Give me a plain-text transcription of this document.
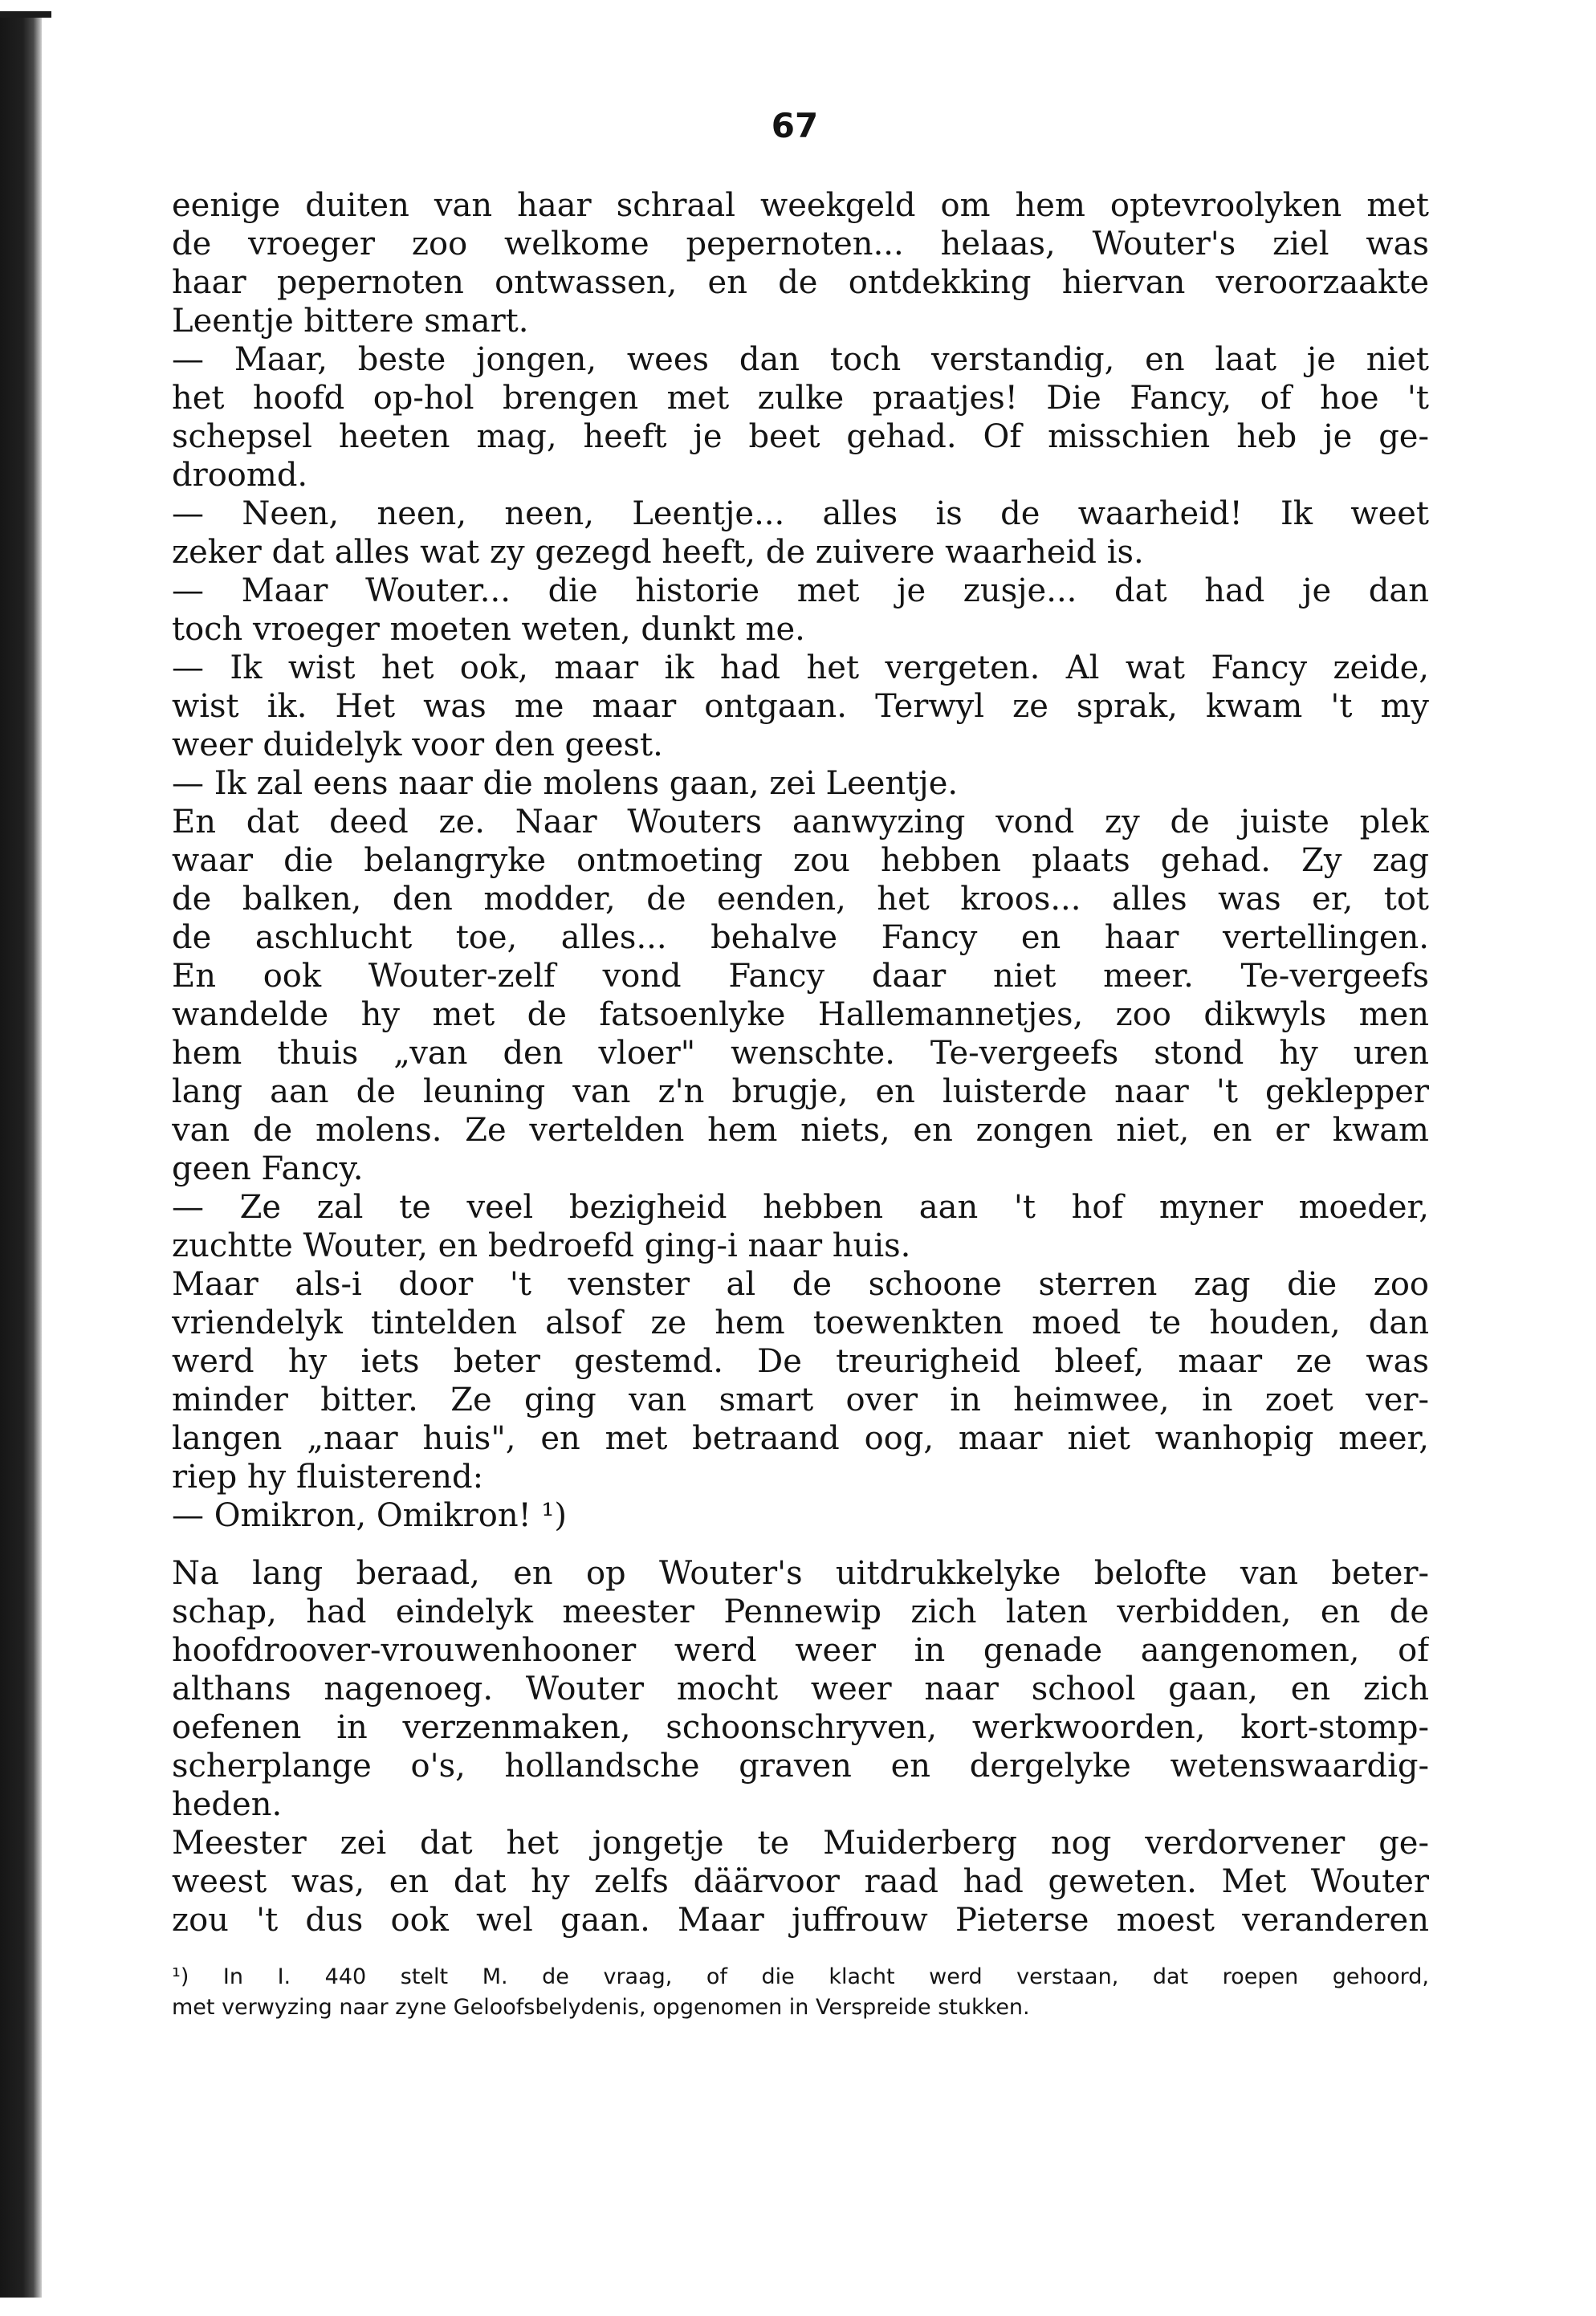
67
eenige duiten van haar schraal weekgeld om hem optevroolyken met
de vroeger zoo welkome pepernoten... helaas, Wouter's ziel was
haar pepernoten ontwassen, en de ontdekking hiervan veroorzaakte
Leentje bittere smart.
— Maar, beste jongen, wees dan toch verstandig, en laat je niet
het hoofd op-hol brengen met zulke praatjes! Die Fancy, of hoe 't
schepsel heeten mag, heeft je beet gehad. Of misschien heb je ge-
droomd.
— Neen, neen, neen, Leentje... alles is de waarheid! Ik weet
zeker dat alles wat zy gezegd heeft, de zuivere waarheid is.
— Maar Wouter... die historie met je zusje... dat had je dan
toch vroeger moeten weten, dunkt me.
— Ik wist het ook, maar ik had het vergeten. Al wat Fancy zeide,
wist ik. Het was me maar ontgaan. Terwyl ze sprak, kwam 't my
weer duidelyk voor den geest.
— Ik zal eens naar die molens gaan, zei Leentje.
En dat deed ze. Naar Wouters aanwyzing vond zy de juiste plek
waar die belangryke ontmoeting zou hebben plaats gehad. Zy zag
de balken, den modder, de eenden, het kroos... alles was er, tot
de aschlucht toe, alles... behalve Fancy en haar vertellingen.
En ook Wouter-zelf vond Fancy daar niet meer. Te-vergeefs
wandelde hy met de fatsoenlyke Hallemannetjes, zoo dikwyls men
hem thuis „van den vloer" wenschte. Te-vergeefs stond hy uren
lang aan de leuning van z'n brugje, en luisterde naar 't geklepper
van de molens. Ze vertelden hem niets, en zongen niet, en er kwam
geen Fancy.
— Ze zal te veel bezigheid hebben aan 't hof myner moeder,
zuchtte Wouter, en bedroefd ging-i naar huis.
Maar als-i door 't venster al de schoone sterren zag die zoo
vriendelyk tintelden alsof ze hem toewenkten moed te houden, dan
werd hy iets beter gestemd. De treurigheid bleef, maar ze was
minder bitter. Ze ging van smart over in heimwee, in zoet ver-
langen „naar huis", en met betraand oog, maar niet wanhopig meer,
riep hy fluisterend:
— Omikron, Omikron! ¹)
Na lang beraad, en op Wouter's uitdrukkelyke belofte van beter-
schap, had eindelyk meester Pennewip zich laten verbidden, en de
hoofdroover-vrouwenhooner werd weer in genade aangenomen, of
althans nagenoeg. Wouter mocht weer naar school gaan, en zich
oefenen in verzenmaken, schoonschryven, werkwoorden, kort-stomp-
scherplange o's, hollandsche graven en dergelyke wetenswaardig-
heden.
Meester zei dat het jongetje te Muiderberg nog verdorvener ge-
weest was, en dat hy zelfs däärvoor raad had geweten. Met Wouter
zou 't dus ook wel gaan. Maar juffrouw Pieterse moest veranderen
¹) In I. 440 stelt M. de vraag, of die klacht werd verstaan, dat roepen gehoord,
met verwyzing naar zyne Geloofsbelydenis, opgenomen in Verspreide stukken.
